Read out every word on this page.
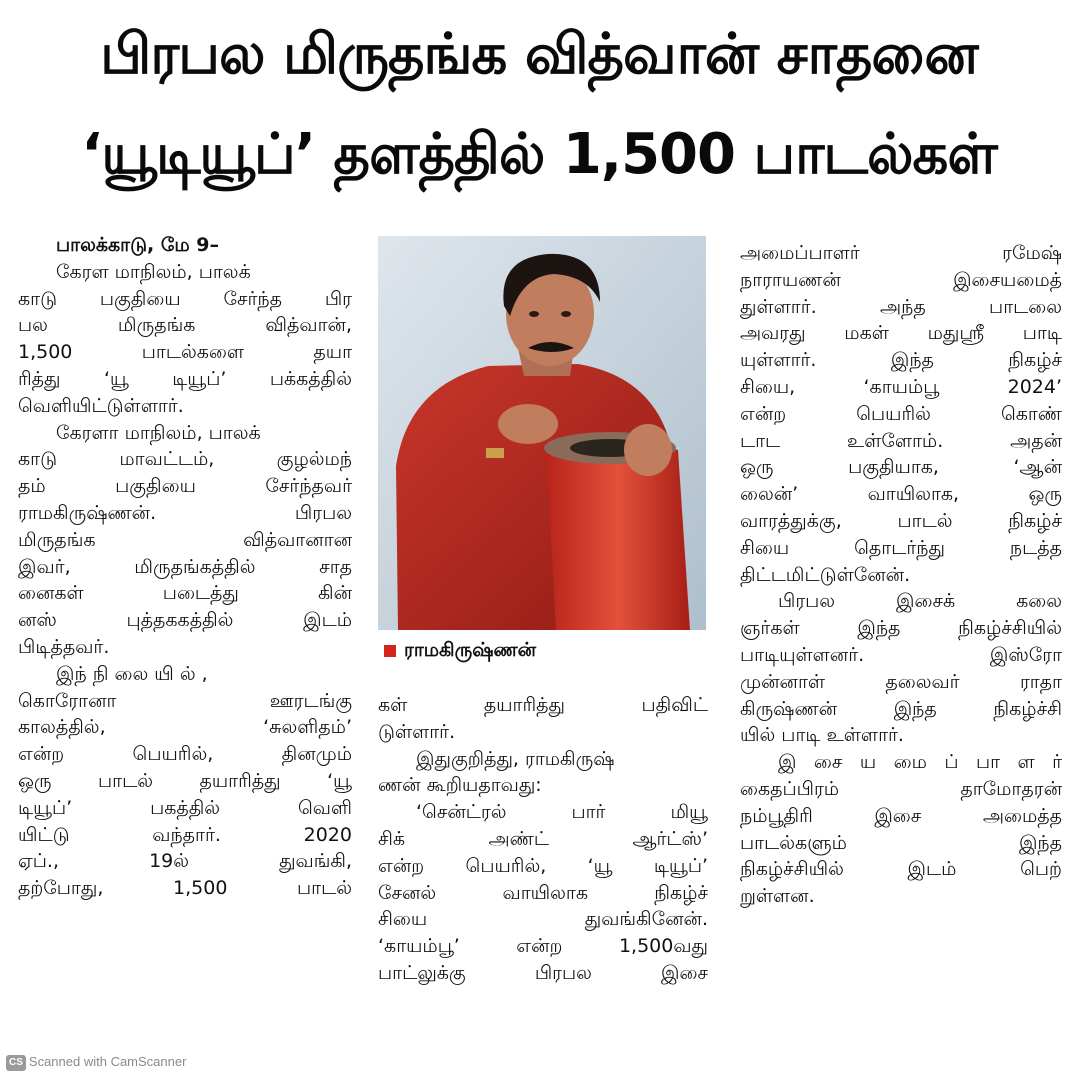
பிரபல மிருதங்க வித்வான் சாதனை
‘யூடியூப்’ தளத்தில் 1,500 பாடல்கள்
பாலக்காடு, மே 9–
கேரள மாநிலம், பாலக்
காடு பகுதியை சேர்ந்த பிர
பல மிருதங்க வித்வான்,
1,500 பாடல்களை தயா
ரித்து ‘யூ டியூப்’ பக்கத்தில்
வெளியிட்டுள்ளார்.
கேரளா மாநிலம், பாலக்
காடு மாவட்டம், குழல்மந்
தம் பகுதியை சேர்ந்தவர்
ராமகிருஷ்ணன். பிரபல
மிருதங்க வித்வானான
இவர், மிருதங்கத்தில் சாத
னைகள் படைத்து கின்
னஸ் புத்தககத்தில் இடம்
பிடித்தவர்.
இந் நி லை யி ல் ,
கொரோனா ஊரடங்கு
காலத்தில், ‘சுலளிதம்’
என்ற பெயரில், தினமும்
ஒரு பாடல் தயாரித்து ‘யூ
டியூப்’ பகத்தில் வெளி
யிட்டு வந்தார். 2020
ஏப்., 19ல் துவங்கி,
தற்போது, 1,500 பாடல்
ராமகிருஷ்ணன்
கள் தயாரித்து பதிவிட்
டுள்ளார்.
இதுகுறித்து, ராமகிருஷ்
ணன் கூறியதாவது:
‘சென்ட்ரல் பார் மியூ
சிக் அண்ட் ஆர்ட்ஸ்’
என்ற பெயரில், ‘யூ டியூப்’
சேனல் வாயிலாக நிகழ்ச்
சியை துவங்கினேன்.
‘காயம்பூ’ என்ற 1,500வது
பாட்லுக்கு பிரபல இசை
அமைப்பாளர் ரமேஷ்
நாராயணன் இசையமைத்
துள்ளார். அந்த பாடலை
அவரது மகள் மதுஸ்ரீ பாடி
யுள்ளார். இந்த நிகழ்ச்
சியை, ‘காயம்பூ 2024’
என்ற பெயரில் கொண்
டாட உள்ளோம். அதன்
ஒரு பகுதியாக, ‘ஆன்
லைன்’ வாயிலாக, ஒரு
வாரத்துக்கு, பாடல் நிகழ்ச்
சியை தொடர்ந்து நடத்த
திட்டமிட்டுள்னேன்.
பிரபல இசைக் கலை
ஞர்கள் இந்த நிகழ்ச்சியில்
பாடியுள்ளனர். இஸ்ரோ
முன்னாள் தலைவர் ராதா
கிருஷ்ணன் இந்த நிகழ்ச்சி
யில் பாடி உள்ளார்.
இ சை ய மை ப் பா ள ர்
கைதப்பிரம் தாமோதரன்
நம்பூதிரி இசை அமைத்த
பாடல்களும் இந்த
நிகழ்ச்சியில் இடம் பெற்
றுள்ளன.
CS Scanned with CamScanner
